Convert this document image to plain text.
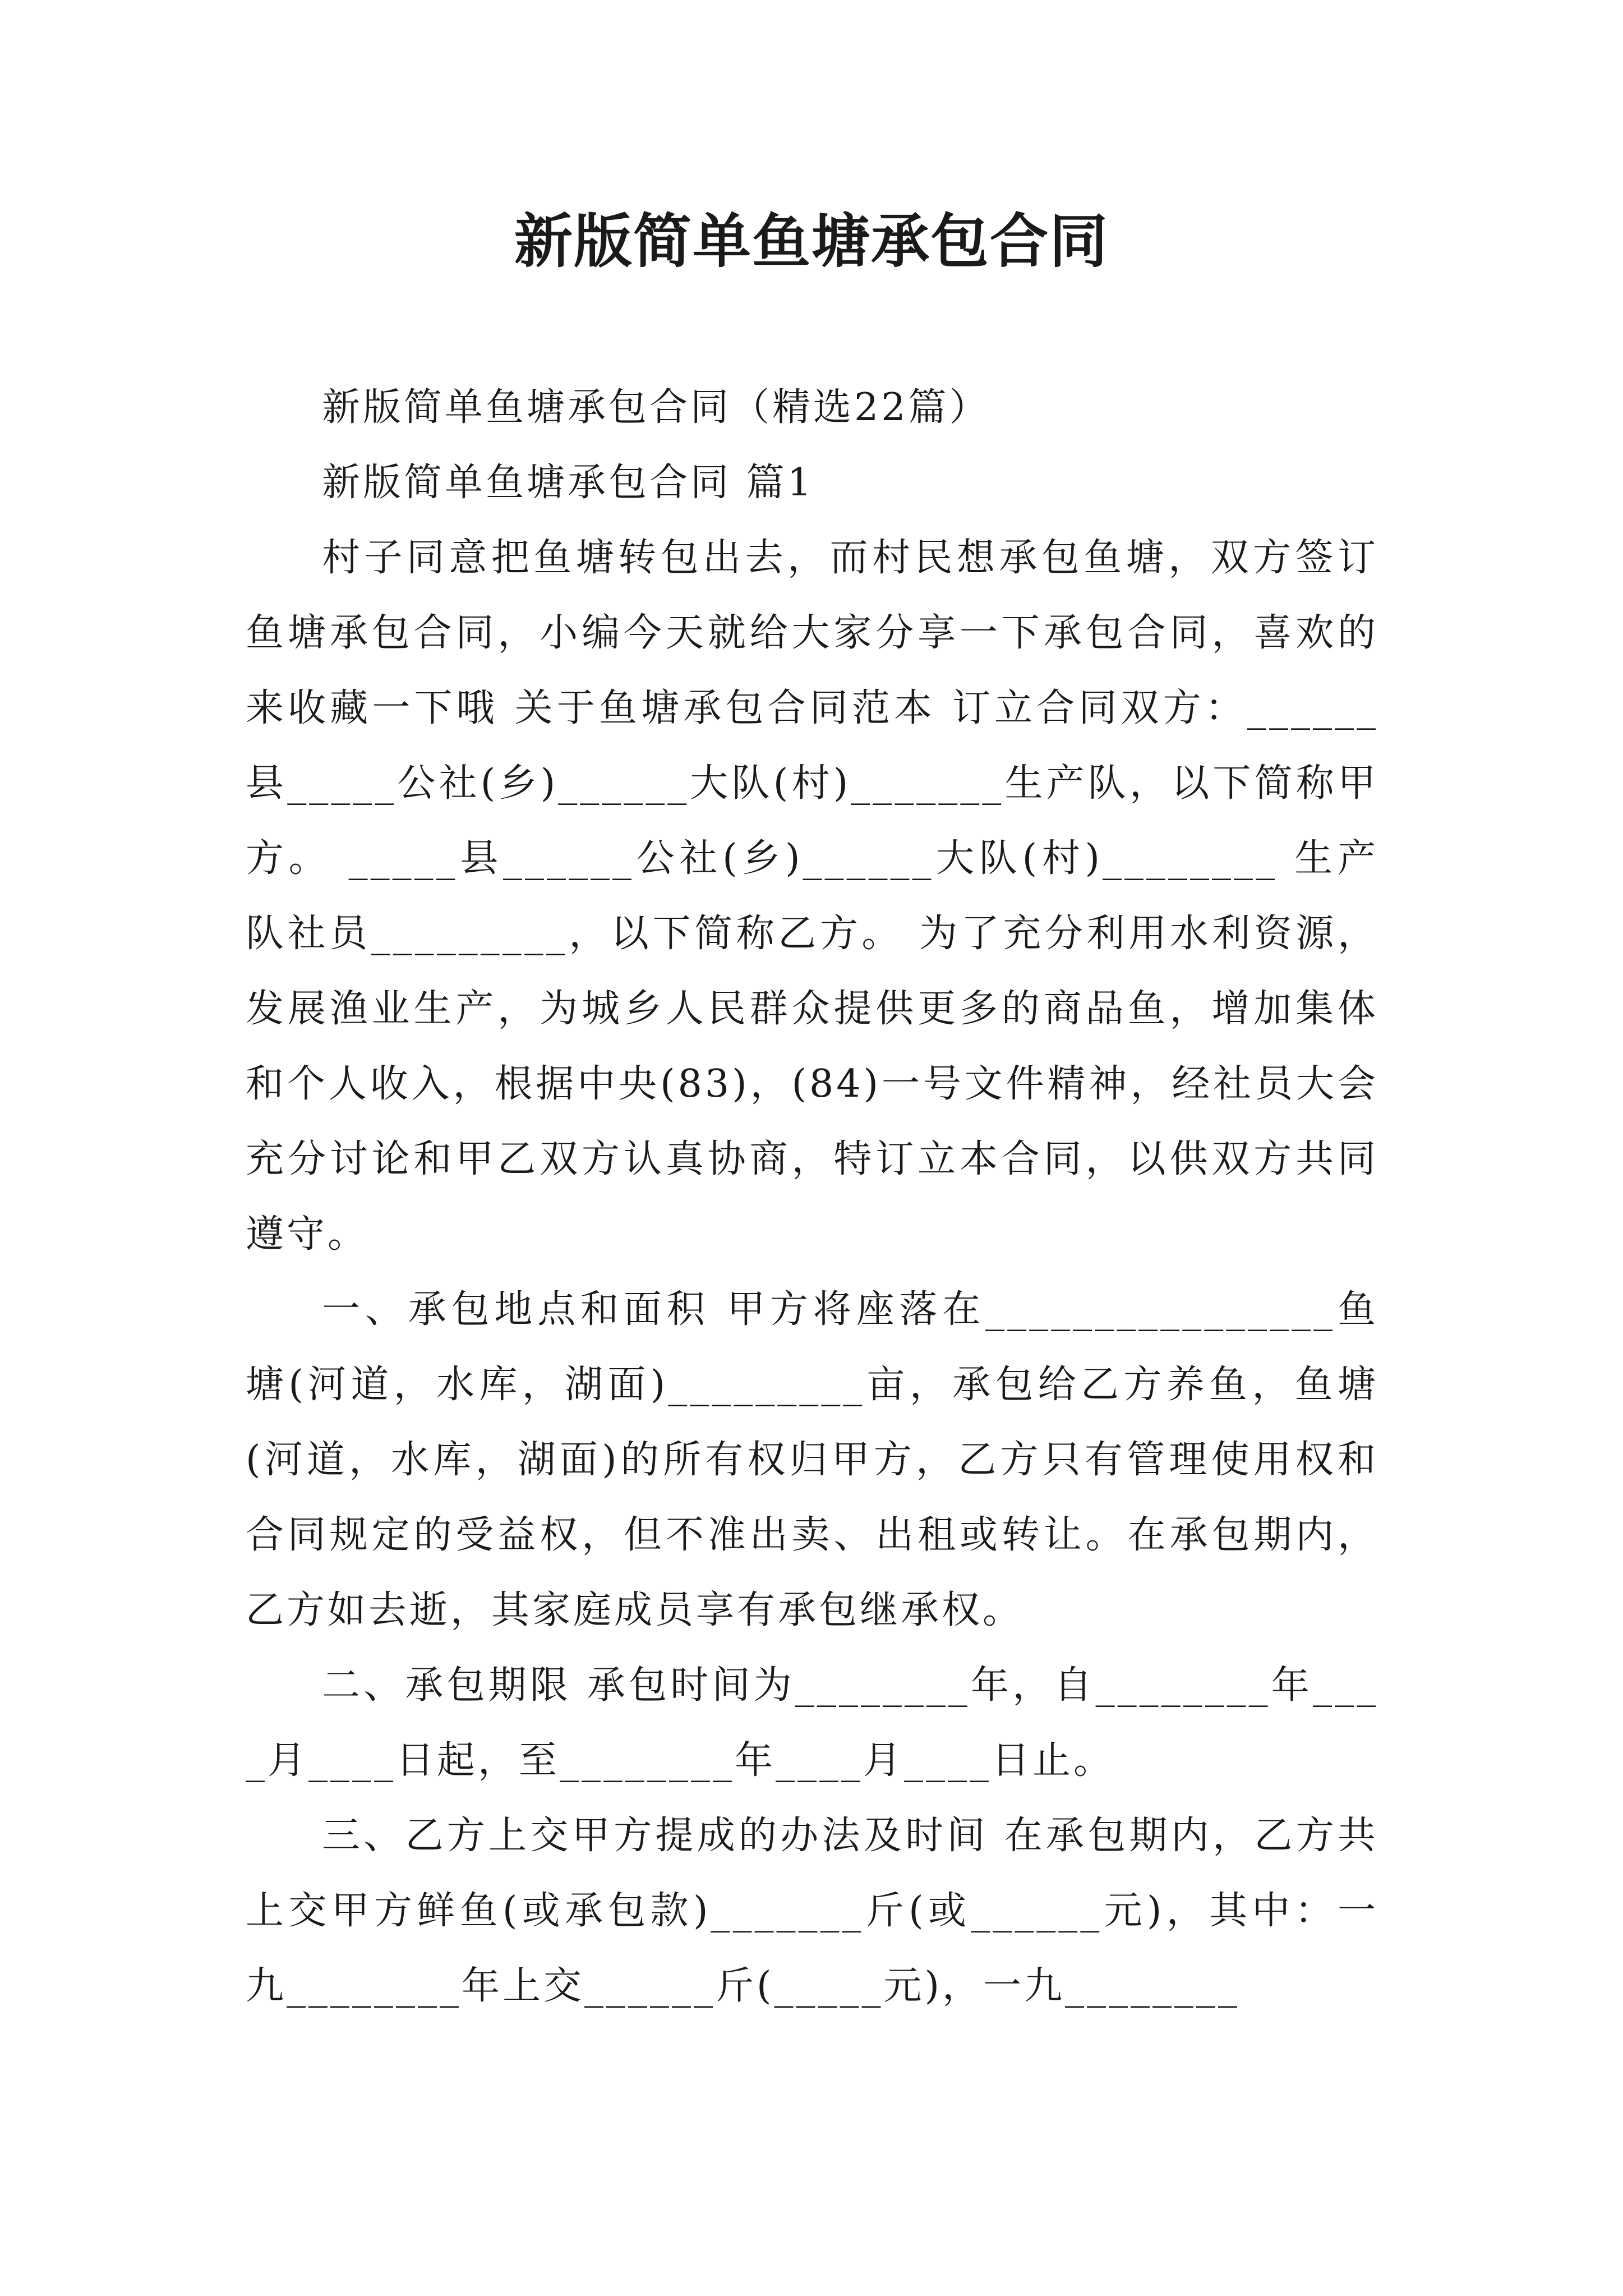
新版简单鱼塘承包合同

新版简单鱼塘承包合同（精选22篇）

新版简单鱼塘承包合同 篇1

村子同意把鱼塘转包出去，而村民想承包鱼塘，双方签订鱼塘承包合同，小编今天就给大家分享一下承包合同，喜欢的来收藏一下哦 关于鱼塘承包合同范本 订立合同双方：______县_____公社(乡)______大队(村)_______生产队，以下简称甲方。 _____县______公社(乡)______大队(村)________ 生产队社员_________，以下简称乙方。 为了充分利用水利资源，发展渔业生产，为城乡人民群众提供更多的商品鱼，增加集体和个人收入，根据中央(83)，(84)一号文件精神，经社员大会充分讨论和甲乙双方认真协商，特订立本合同，以供双方共同遵守。

一、承包地点和面积 甲方将座落在________________鱼塘(河道，水库，湖面)_________亩，承包给乙方养鱼，鱼塘(河道，水库，湖面)的所有权归甲方，乙方只有管理使用权和合同规定的受益权，但不准出卖、出租或转让。在承包期内，乙方如去逝，其家庭成员享有承包继承权。

二、承包期限 承包时间为________年，自________年____月____日起，至________年____月____日止。

三、乙方上交甲方提成的办法及时间 在承包期内，乙方共上交甲方鲜鱼(或承包款)_______斤(或______元)，其中：一九________年上交______斤(_____元)，一九________
